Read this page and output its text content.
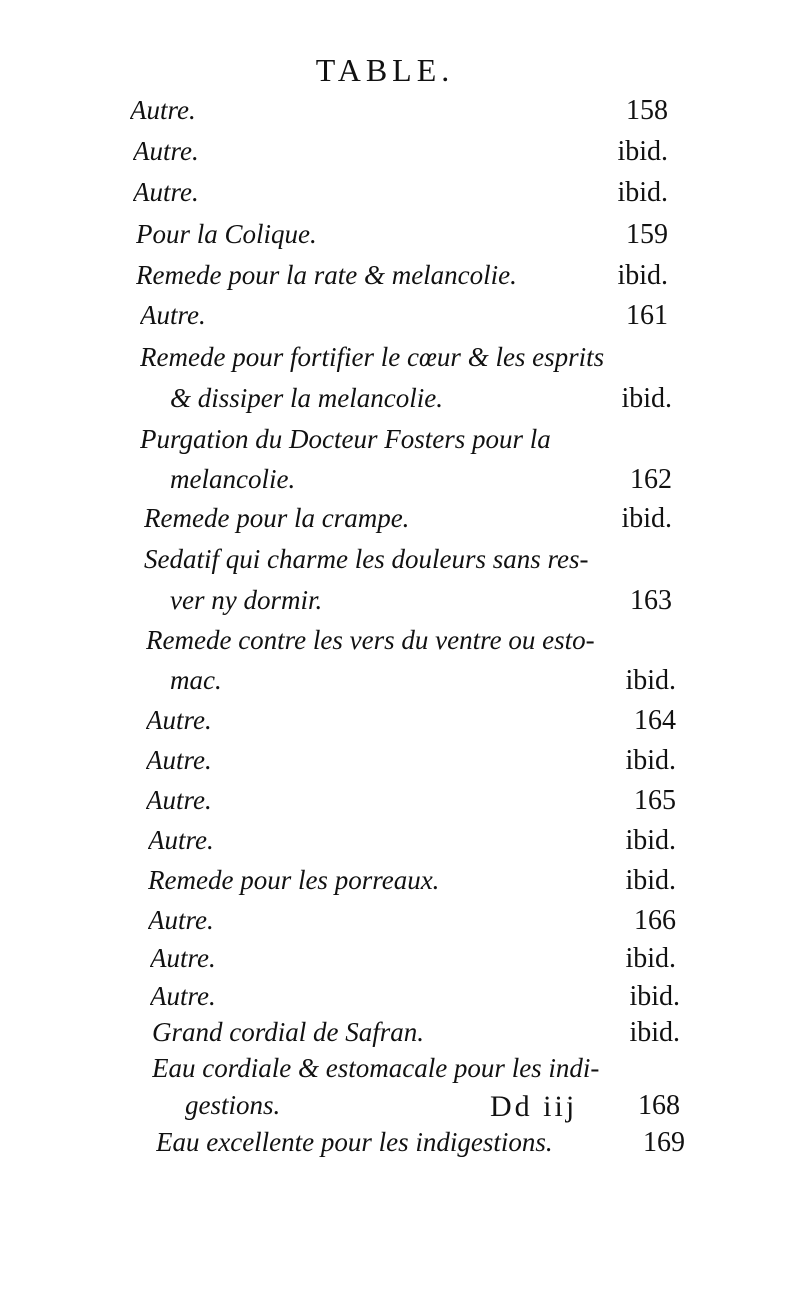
TABLE.
Autre.	158
Autre.	ibid.
Autre.	ibid.
Pour la Colique.	159
Remede pour la rate & melancolie.	ibid.
Autre.	161
Remede pour fortifier le cœur & les esprits
& dissiper la melancolie.	ibid.
Purgation du Docteur Fosters pour la
melancolie.	162
Remede pour la crampe.	ibid.
Sedatif qui charme les douleurs sans res-
ver ny dormir.	163
Remede contre les vers du ventre ou esto-
mac.	ibid.
Autre.	164
Autre.	ibid.
Autre.	165
Autre.	ibid.
Remede pour les porreaux.	ibid.
Autre.	166
Autre.	ibid.
Autre.	ibid.
Grand cordial de Safran.	ibid.
Eau cordiale & estomacale pour les indi-
gestions.	168
Eau excellente pour les indigestions.	169
Dd iij
